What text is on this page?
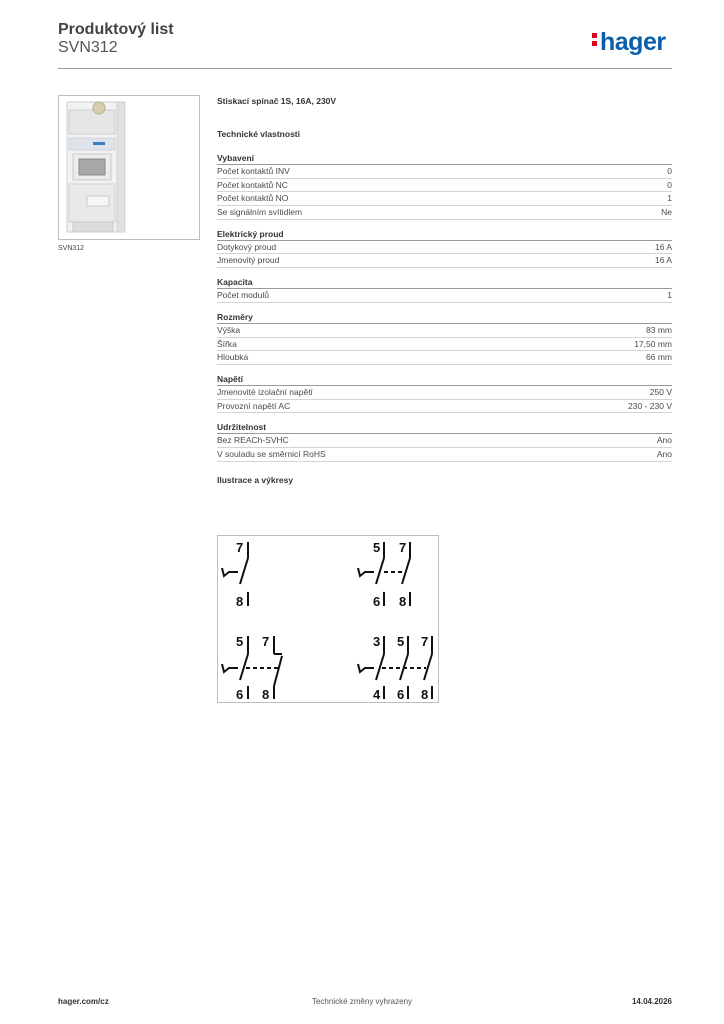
Produktový list
SVN312	hager
SVN312
Stiskací spínač 1S, 16A, 230V
Technické vlastnosti
Vybavení
Počet kontaktů INV	0
Počet kontaktů NC	0
Počet kontaktů NO	1
Se signálním svítidlem	Ne
Elektrický proud
Dotykový proud	16 A
Jmenovitý proud	16 A
Kapacita
Počet modulů	1
Rozměry
Výška	83 mm
Šířka	17,50 mm
Hloubka	66 mm
Napětí
Jmenovité izolační napětí	250 V
Provozní napětí AC	230 - 230 V
Udržitelnost
Bez REACh-SVHC	Ano
V souladu se směrnicí RoHS	Ano
Ilustrace a výkresy
7
8
5 7
6 8
5 7
6 8
3 5 7
4 6 8
hager.com/cz	Technické změny vyhrazeny	14.04.2026
